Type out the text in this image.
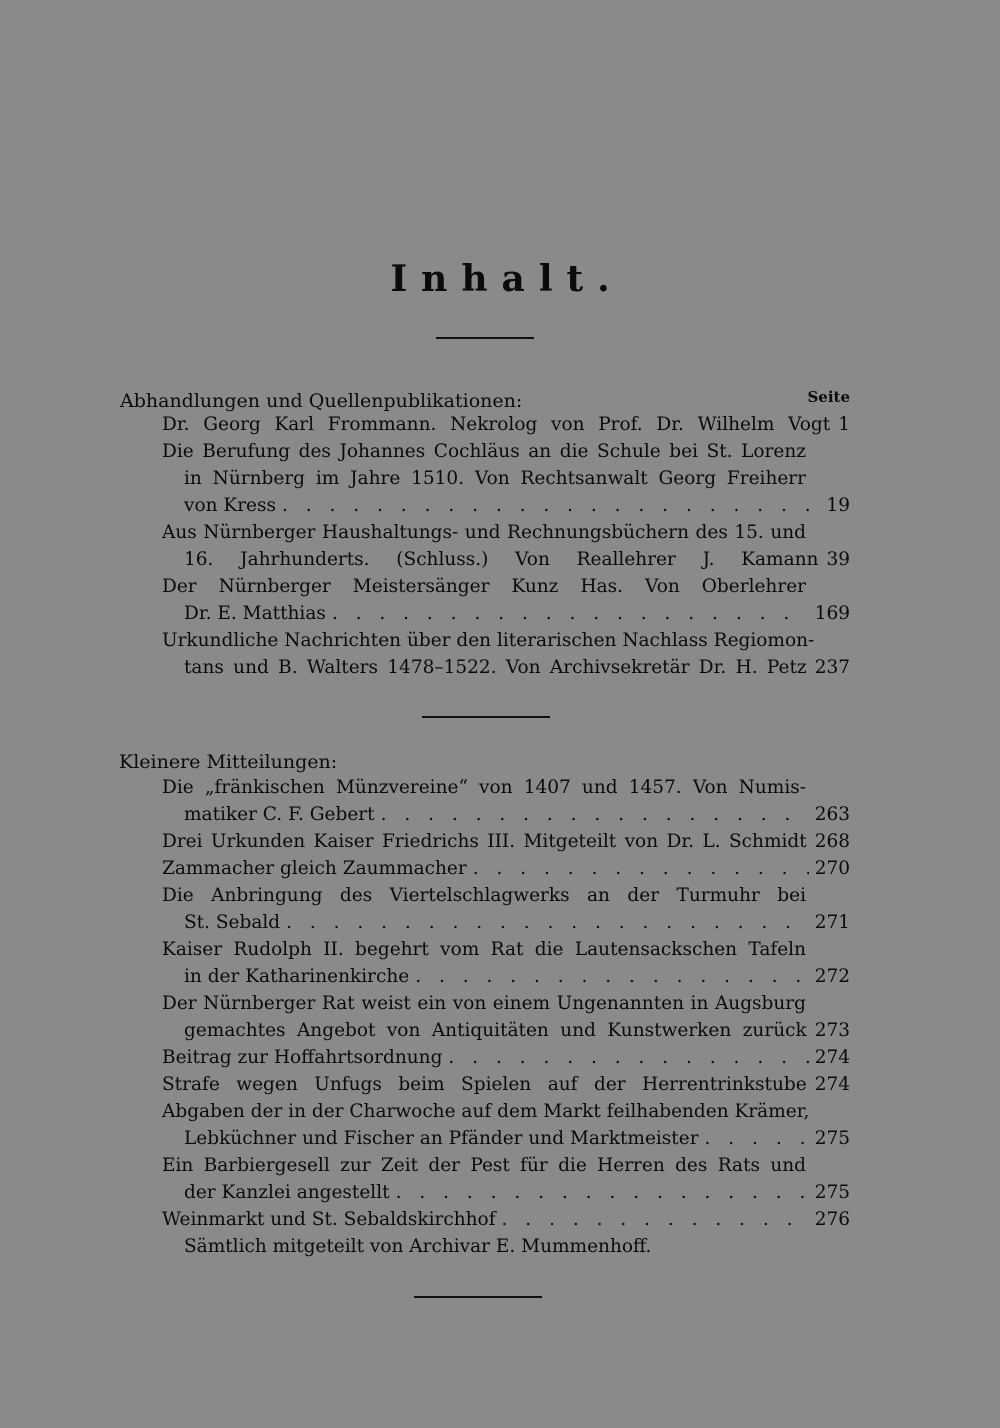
Inhalt.
Abhandlungen und Quellenpublikationen:	Seite
Dr. Georg Karl Frommann. Nekrolog von Prof. Dr. Wilhelm Vogt 1
Die Berufung des Johannes Cochläus an die Schule bei St. Lorenz
in Nürnberg im Jahre 1510. Von Rechtsanwalt Georg Freiherr
von Kress . . .	19
Aus Nürnberger Haushaltungs- und Rechnungsbüchern des 15. und
16. Jahrhunderts. (Schluss.) Von Reallehrer J. Kamann 39
Der Nürnberger Meistersänger Kunz Has. Von Oberlehrer
Dr. E. Matthias . . .	169
Urkundliche Nachrichten über den literarischen Nachlass Regiomon-
tans und B. Walters 1478–1522. Von Archivsekretär Dr. H. Petz 237
Kleinere Mitteilungen:
Die „fränkischen Münzvereine“ von 1407 und 1457. Von Numis-
matiker C. F. Gebert . . .	263
Drei Urkunden Kaiser Friedrichs III. Mitgeteilt von Dr. L. Schmidt 268
Zammacher gleich Zaummacher . . .	270
Die Anbringung des Viertelschlagwerks an der Turmuhr bei
St. Sebald . . .	271
Kaiser Rudolph II. begehrt vom Rat die Lautensackschen Tafeln
in der Katharinenkirche . . .	272
Der Nürnberger Rat weist ein von einem Ungenannten in Augsburg
gemachtes Angebot von Antiquitäten und Kunstwerken zurück 273
Beitrag zur Hoffahrtsordnung . . .	274
Strafe wegen Unfugs beim Spielen auf der Herrentrinkstube 274
Abgaben der in der Charwoche auf dem Markt feilhabenden Krämer,
Lebküchner und Fischer an Pfänder und Marktmeister . . .	275
Ein Barbiergesell zur Zeit der Pest für die Herren des Rats und
der Kanzlei angestellt . . .	275
Weinmarkt und St. Sebaldskirchhof . . .	276
Sämtlich mitgeteilt von Archivar E. Mummenhoff.
